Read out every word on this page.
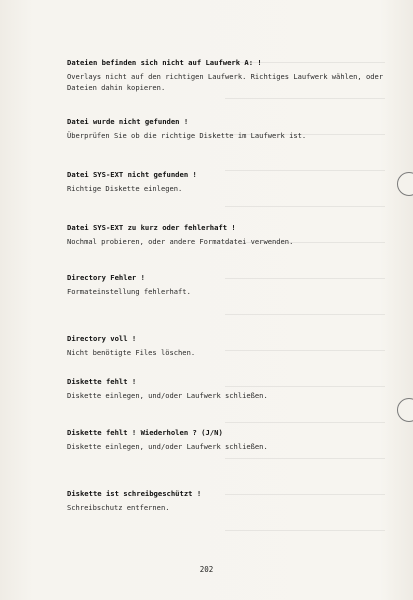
Dateien befinden sich nicht auf Laufwerk A: !
Overlays nicht auf den richtigen Laufwerk. Richtiges Laufwerk wählen, oder Dateien dahin kopieren.
Datei wurde nicht gefunden !
Überprüfen Sie ob die richtige Diskette im Laufwerk ist.
Datei SYS-EXT nicht gefunden !
Richtige Diskette einlegen.
Datei SYS-EXT zu kurz oder fehlerhaft !
Nochmal probieren, oder andere Formatdatei verwenden.
Directory Fehler !
Formateinstellung fehlerhaft.
Directory voll !
Nicht benötigte Files löschen.
Diskette fehlt !
Diskette einlegen, und/oder Laufwerk schließen.
Diskette fehlt ! Wiederholen ? (J/N)
Diskette einlegen, und/oder Laufwerk schließen.
Diskette ist schreibgeschützt !
Schreibschutz entfernen.
202
